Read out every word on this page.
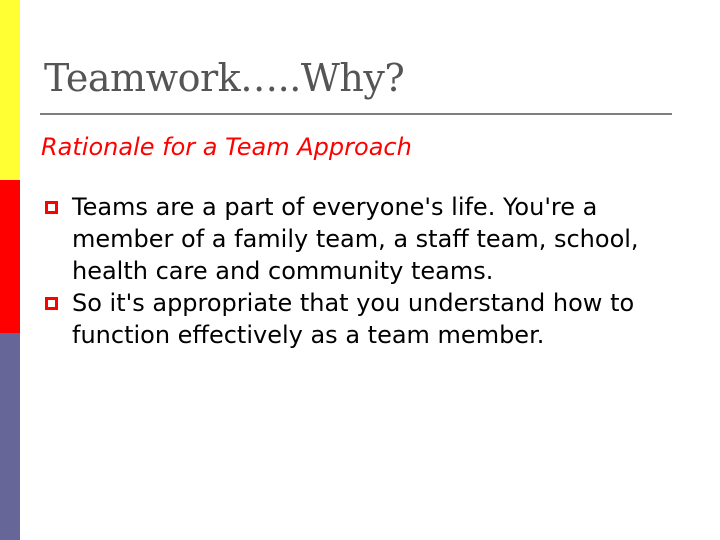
Teamwork…..Why?
Rationale for a Team Approach
Teams are a part of everyone's life. You're a member of a family team, a staff team, school, health care and community teams.
So it's appropriate that you understand how to function effectively as a team member.
